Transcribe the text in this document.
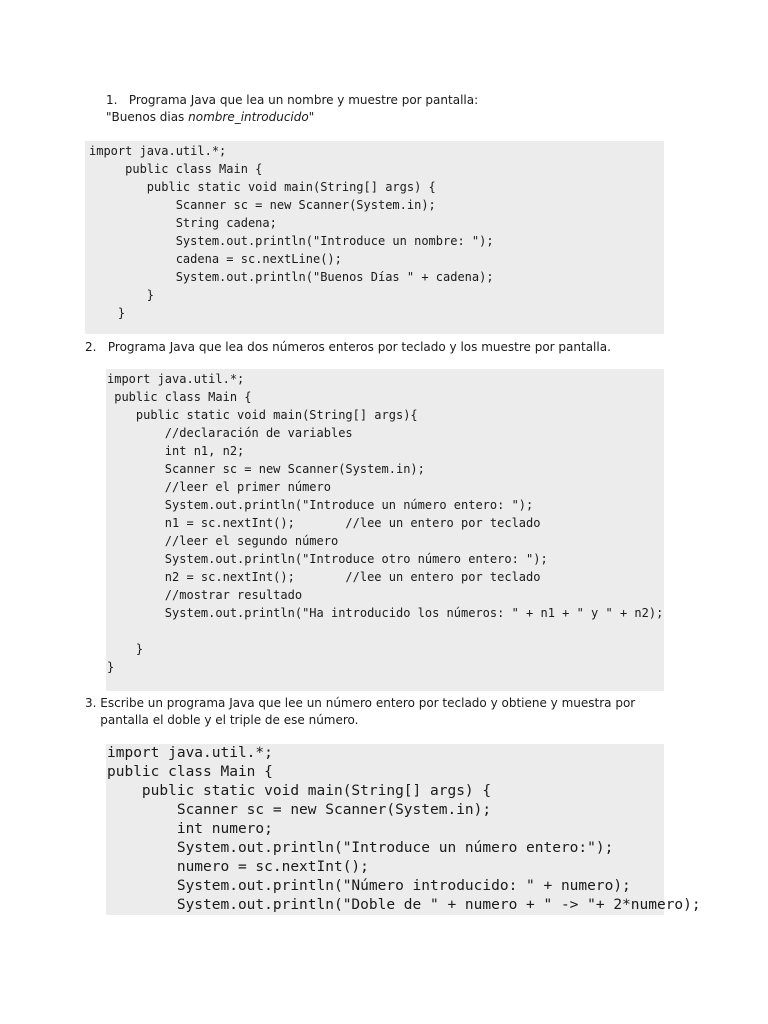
1.   Programa Java que lea un nombre y muestre por pantalla:

"Buenos dias nombre_introducido"

import java.util.*;
public class Main {
public static void main(String[] args) {
Scanner sc = new Scanner(System.in);
String cadena;
System.out.println("Introduce un nombre: ");
cadena = sc.nextLine();
System.out.println("Buenos Días " + cadena);
}
}

2.   Programa Java que lea dos números enteros por teclado y los muestre por pantalla.

import java.util.*;
public class Main {
public static void main(String[] args){
//declaración de variables
int n1, n2;
Scanner sc = new Scanner(System.in);
//leer el primer número
System.out.println("Introduce un número entero: ");
n1 = sc.nextInt();       //lee un entero por teclado
//leer el segundo número
System.out.println("Introduce otro número entero: ");
n2 = sc.nextInt();       //lee un entero por teclado
//mostrar resultado
System.out.println("Ha introducido los números: " + n1 + " y " + n2);

}
}

3. Escribe un programa Java que lee un número entero por teclado y obtiene y muestra por

pantalla el doble y el triple de ese número.

import java.util.*;
public class Main {
public static void main(String[] args) {
Scanner sc = new Scanner(System.in);
int numero;
System.out.println("Introduce un número entero:");
numero = sc.nextInt();
System.out.println("Número introducido: " + numero);
System.out.println("Doble de " + numero + " -> "+ 2*numero);
